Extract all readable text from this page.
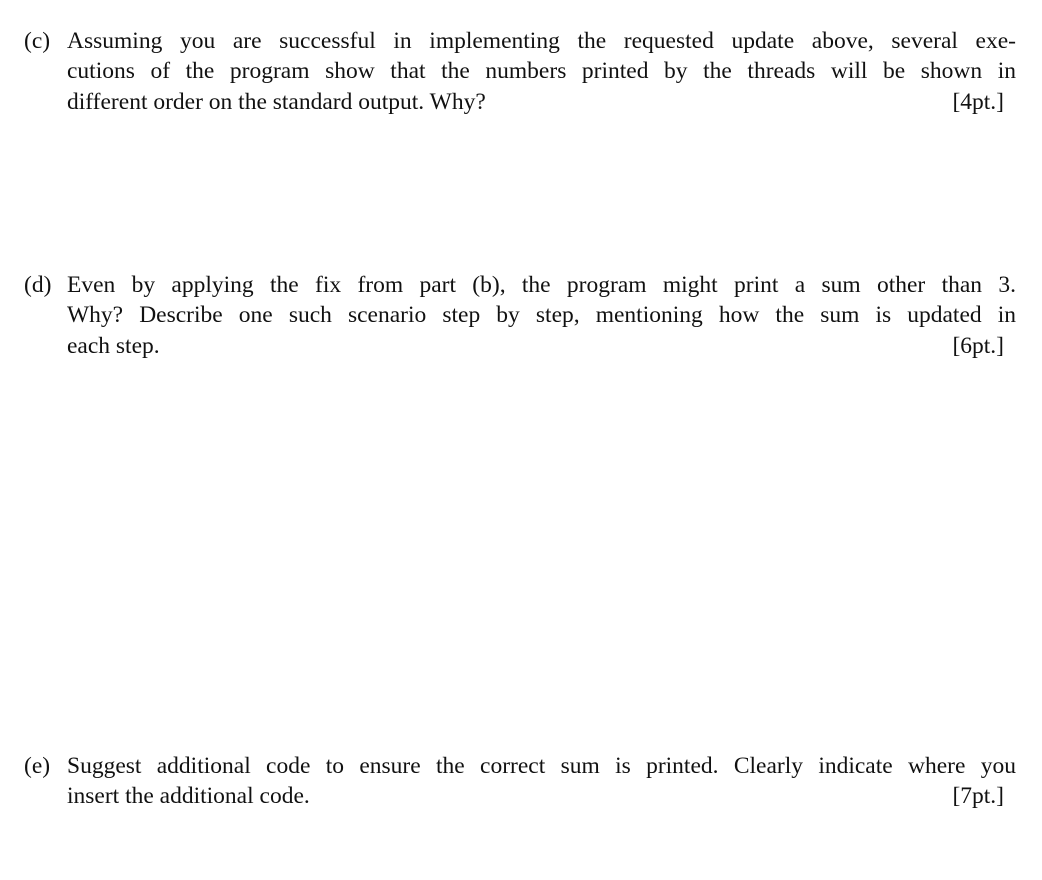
(c) Assuming you are successful in implementing the requested update above, several exe-
cutions of the program show that the numbers printed by the threads will be shown in
different order on the standard output. Why?	[4pt.]
(d) Even by applying the fix from part (b), the program might print a sum other than 3.
Why? Describe one such scenario step by step, mentioning how the sum is updated in
each step.	[6pt.]
(e) Suggest additional code to ensure the correct sum is printed. Clearly indicate where you
insert the additional code.	[7pt.]
